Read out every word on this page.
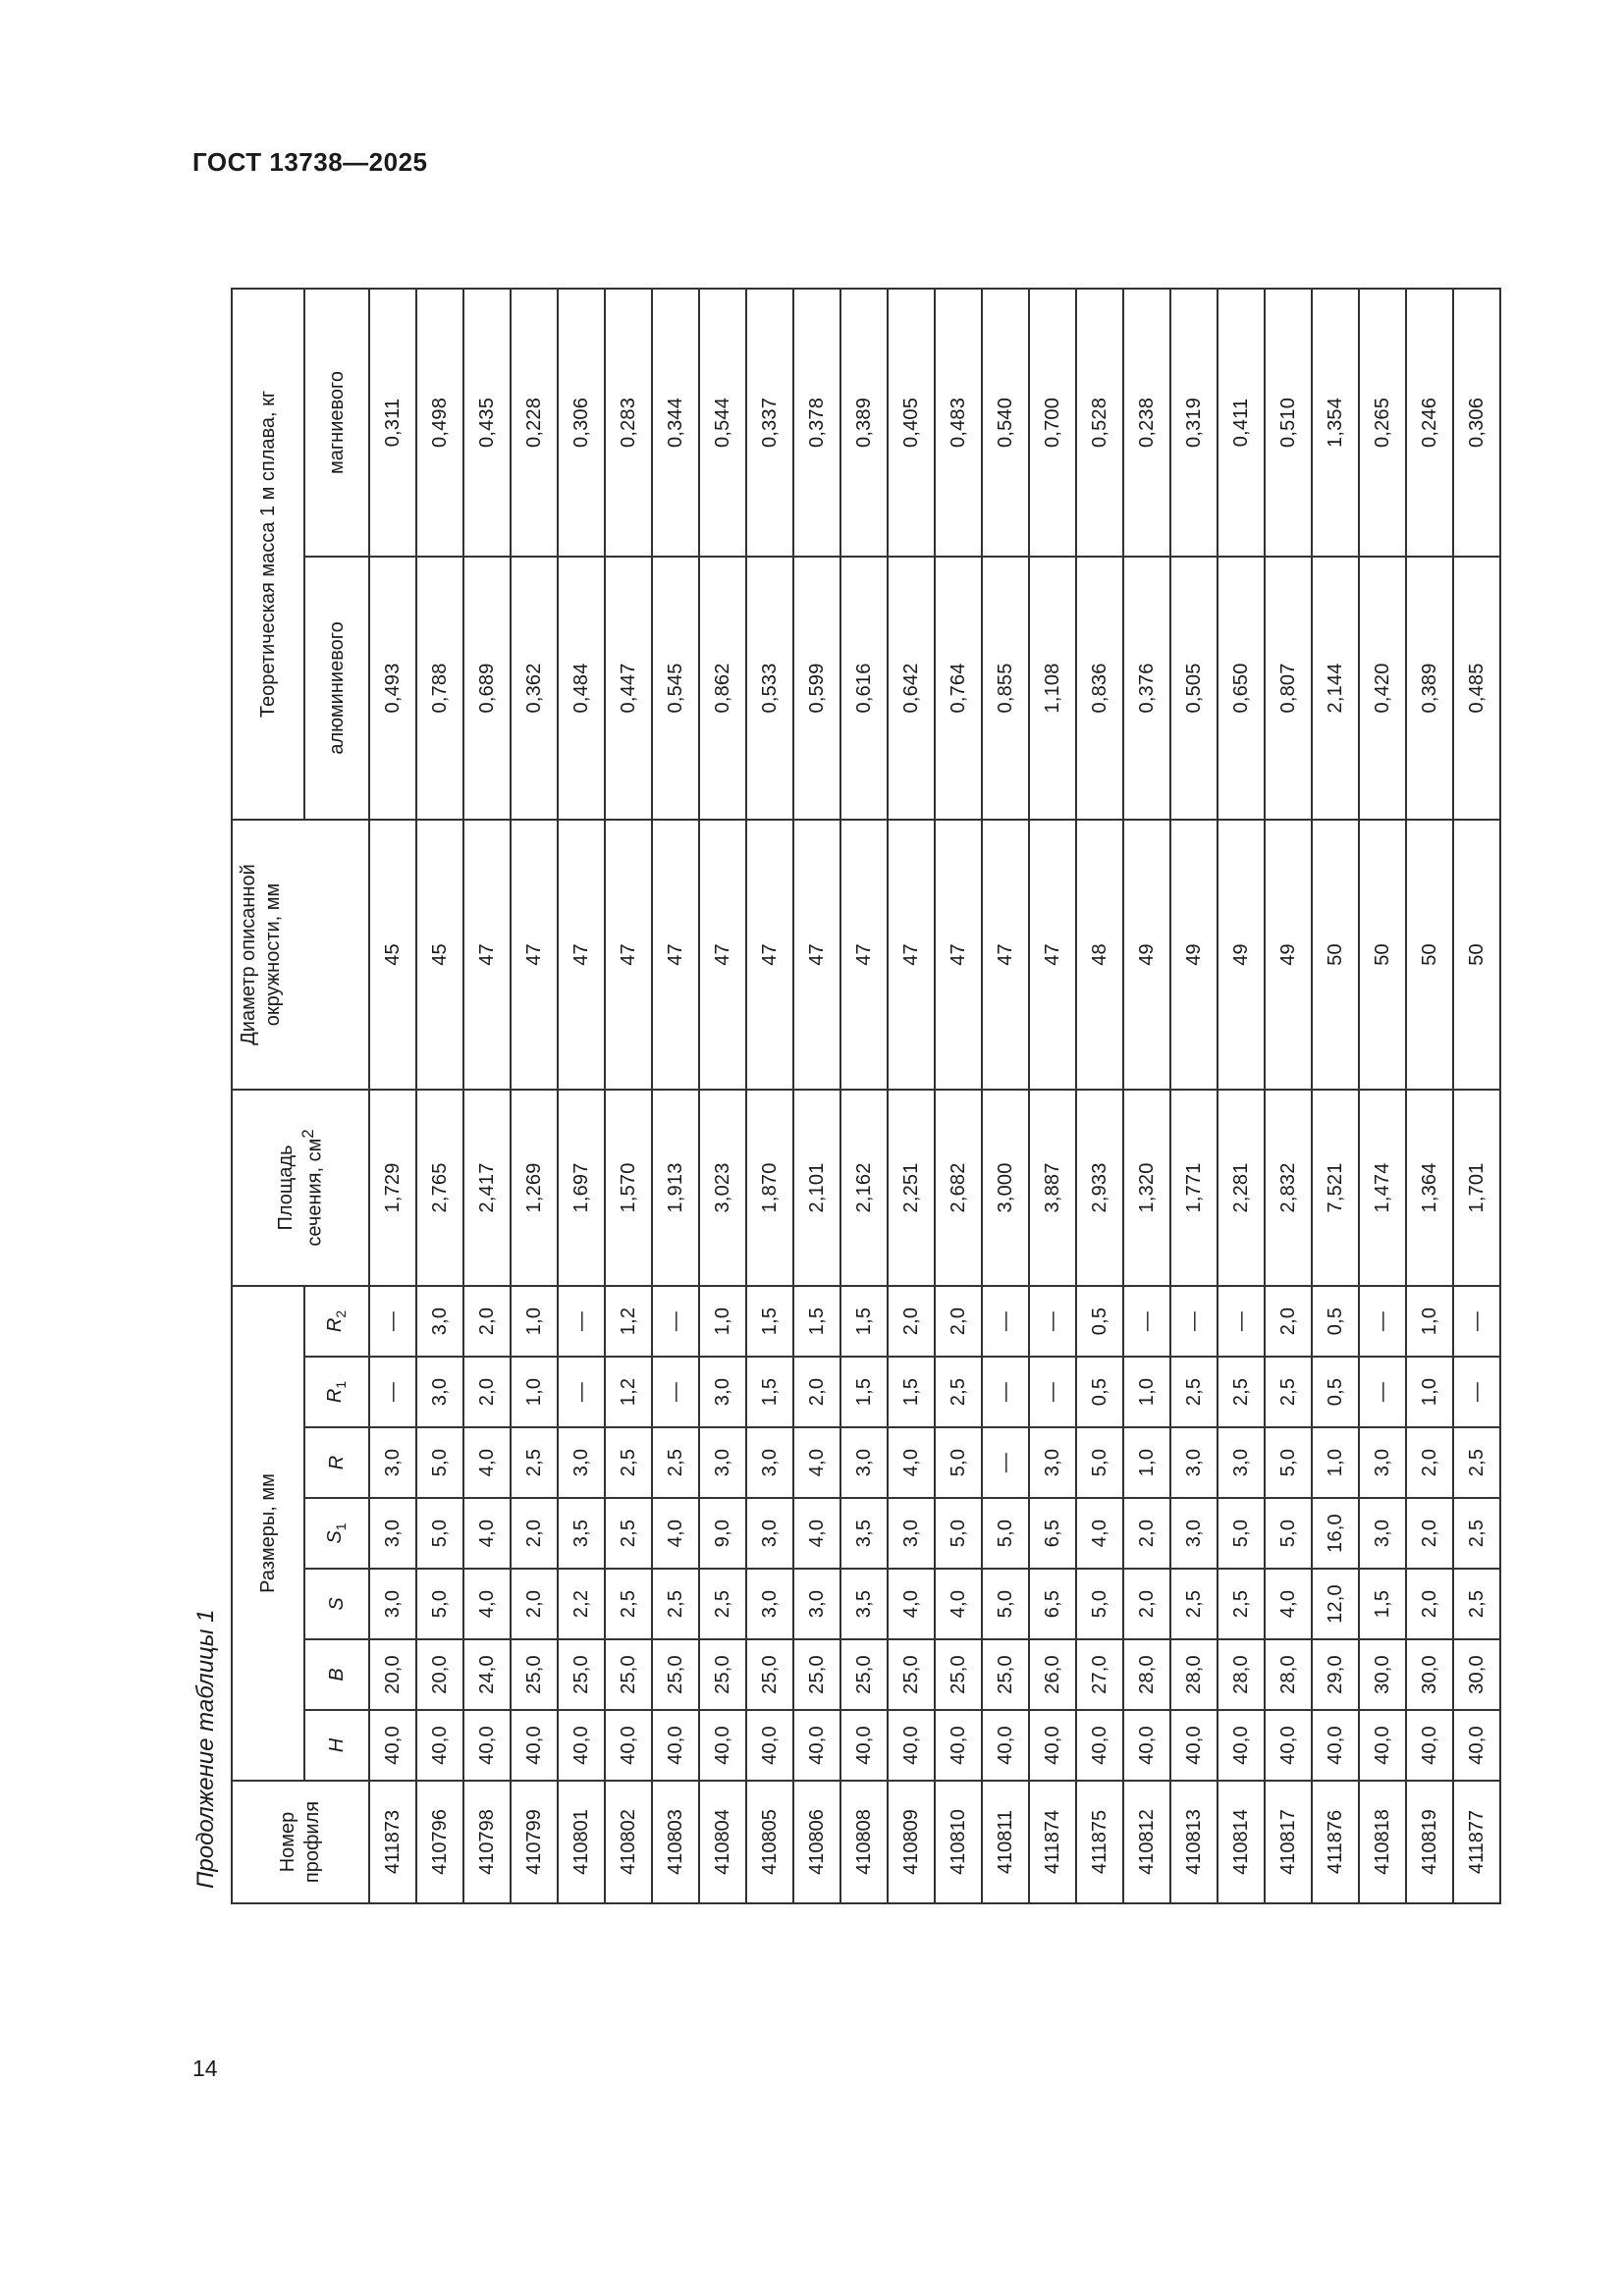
ГОСТ 13738—2025
14
Продолжение таблицы 1	Номер профиля	Размеры, мм							Площадь сечения, $см^2$	Диаметр описанной окружности, мм	Теоретическая масса 1 м сплава, кг	
	H	B	S	$S_1$	R	$R_1$	$R_2$			алюминиевого	магниевого
411873	40,0	20,0	3,0	3,0	3,0	—	—	1,729	45	0,493	0,311
410796	40,0	20,0	5,0	5,0	5,0	3,0	3,0	2,765	45	0,788	0,498
410798	40,0	24,0	4,0	4,0	4,0	2,0	2,0	2,417	47	0,689	0,435
410799	40,0	25,0	2,0	2,0	2,5	1,0	1,0	1,269	47	0,362	0,228
410801	40,0	25,0	2,2	3,5	3,0	—	—	1,697	47	0,484	0,306
410802	40,0	25,0	2,5	2,5	2,5	1,2	1,2	1,570	47	0,447	0,283
410803	40,0	25,0	2,5	4,0	2,5	—	—	1,913	47	0,545	0,344
410804	40,0	25,0	2,5	9,0	3,0	3,0	1,0	3,023	47	0,862	0,544
410805	40,0	25,0	3,0	3,0	3,0	1,5	1,5	1,870	47	0,533	0,337
410806	40,0	25,0	3,0	4,0	4,0	2,0	1,5	2,101	47	0,599	0,378
410808	40,0	25,0	3,5	3,5	3,0	1,5	1,5	2,162	47	0,616	0,389
410809	40,0	25,0	4,0	3,0	4,0	1,5	2,0	2,251	47	0,642	0,405
410810	40,0	25,0	4,0	5,0	5,0	2,5	2,0	2,682	47	0,764	0,483
410811	40,0	25,0	5,0	5,0	—	—	—	3,000	47	0,855	0,540
411874	40,0	26,0	6,5	6,5	3,0	—	—	3,887	47	1,108	0,700
411875	40,0	27,0	5,0	4,0	5,0	0,5	0,5	2,933	48	0,836	0,528
410812	40,0	28,0	2,0	2,0	1,0	1,0	—	1,320	49	0,376	0,238
410813	40,0	28,0	2,5	3,0	3,0	2,5	—	1,771	49	0,505	0,319
410814	40,0	28,0	2,5	5,0	3,0	2,5	—	2,281	49	0,650	0,411
410817	40,0	28,0	4,0	5,0	5,0	2,5	2,0	2,832	49	0,807	0,510
411876	40,0	29,0	12,0	16,0	1,0	0,5	0,5	7,521	50	2,144	1,354
410818	40,0	30,0	1,5	3,0	3,0	—	—	1,474	50	0,420	0,265
410819	40,0	30,0	2,0	2,0	2,0	1,0	1,0	1,364	50	0,389	0,246
411877	40,0	30,0	2,5	2,5	2,5	—	—	1,701	50	0,485	0,306
